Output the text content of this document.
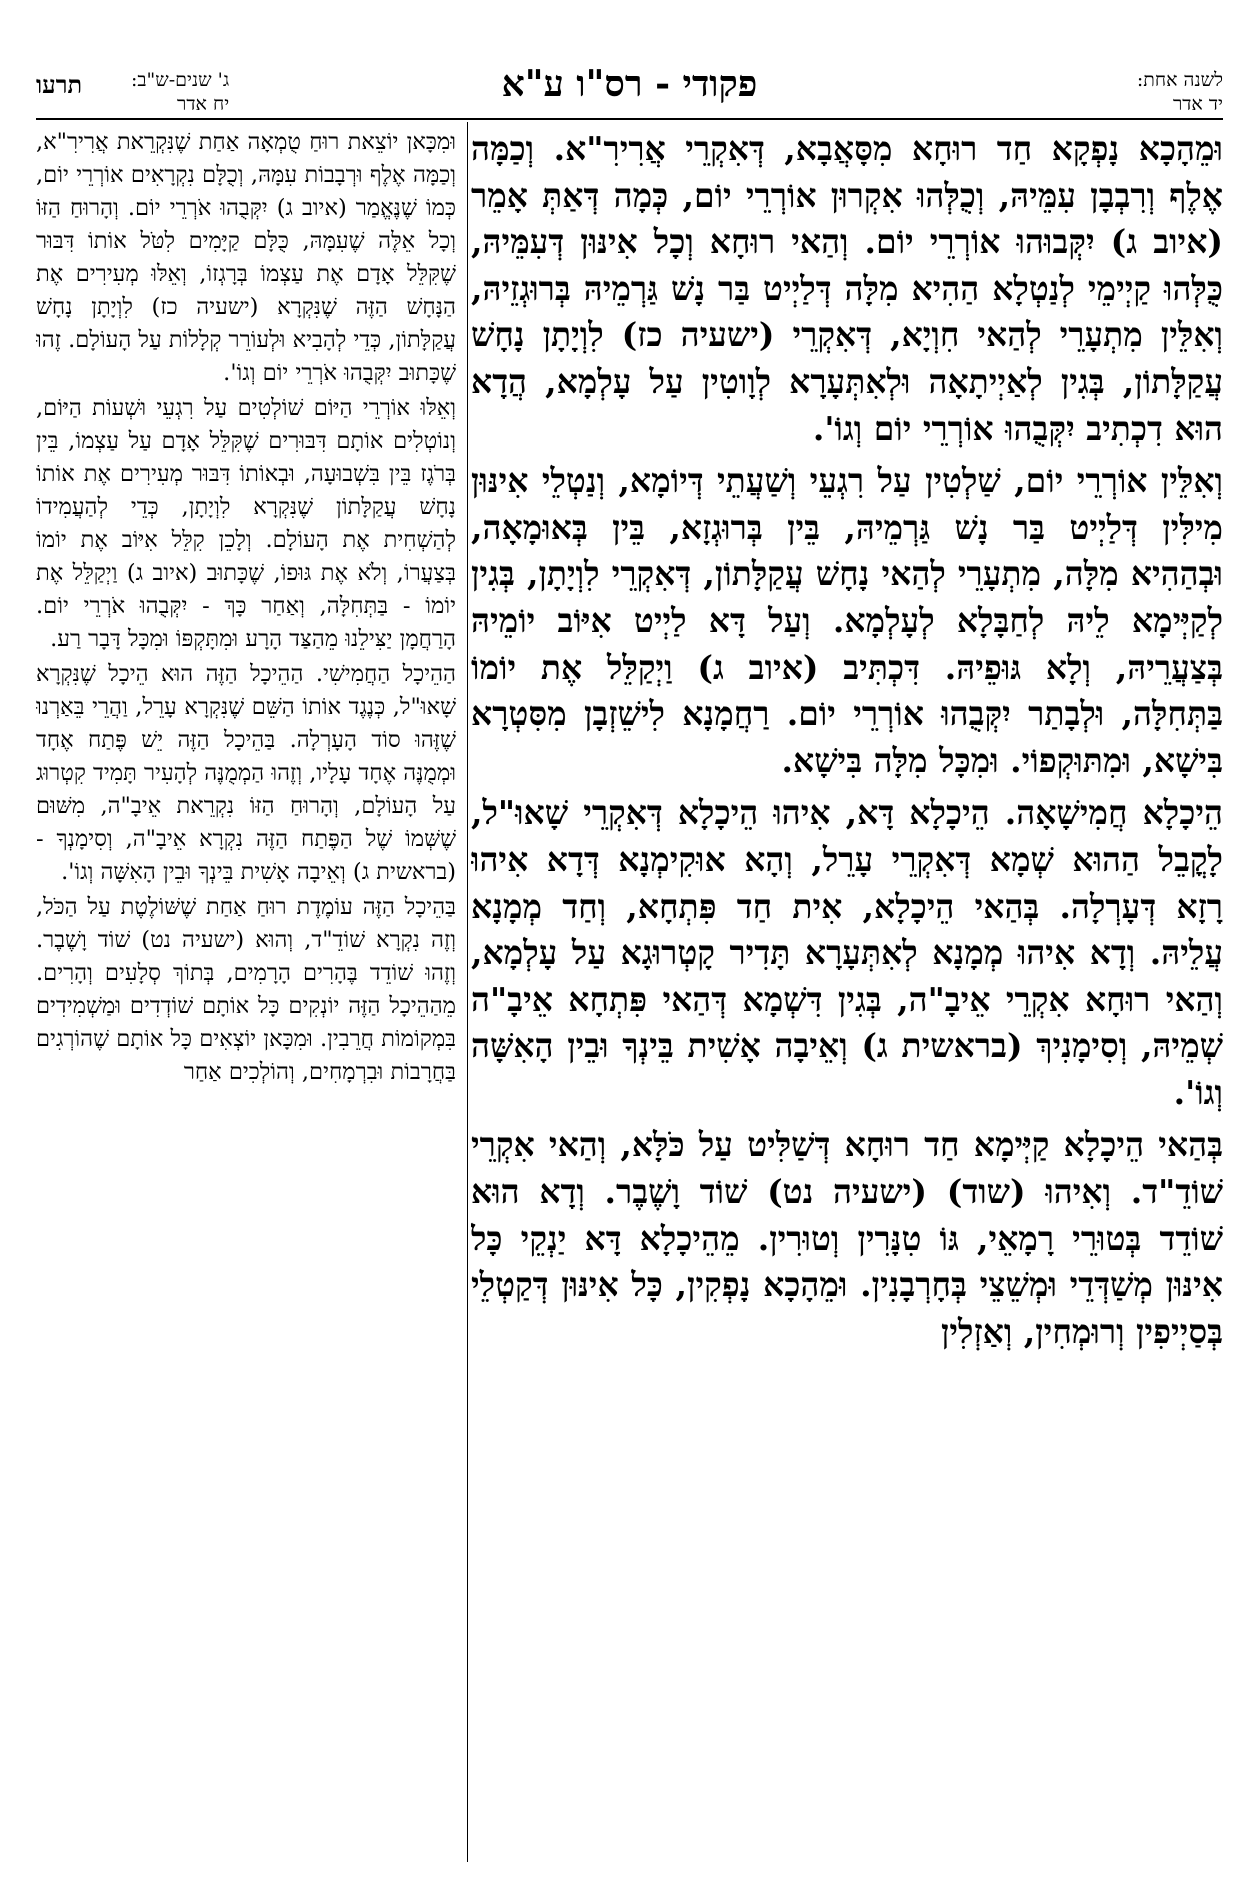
לשנה אחת:
יד אדר
פקודי - רס"ו ע"א
ג' שנים-ש"ב:
יח אדר
תרעו

וּמֵהָכָא נָפְקָא חַד רוּחָא מִסָּאֲבָא, דְּאִקְרֵי אֲרִירִ"א. וְכַמָּה אֶלֶף וְרִבְבָן עִמֵּיהּ, וְכֻלְּהוּ אִקְרוּן אוֹרְרֵי יוֹם, כְּמָה דְּאַתְּ אָמֵר (איוב ג) יִקְּבוּהוּ אוֹרְרֵי יוֹם. וְהַאי רוּחָא וְכָל אִינּוּן דְּעִמֵּיהּ, כֻּלְּהוּ קַיְימֵי לְנַטְלָא הַהִיא מִלָּה דְּלַיְיט בַּר נָשׁ גַּרְמֵיהּ בְּרוּגְזֵיהּ, וְאִלֵּין מִתְעָרֵי לְהַאי חִוְיָא, דְּאִקְרֵי (ישעיה כז) לִוְיָתָן נָחָשׁ עֲקַלָּתוֹן, בְּגִין לְאַיְיתָאָה וּלְאִתְּעָרָא לְוָוטִין עַל עָלְמָא, הֲדָא הוּא דִכְתִיב יִקְּבֻהוּ אוֹרְרֵי יוֹם וְגוֹ'.

וְאִלֵּין אוֹרְרֵי יוֹם, שַׁלְטִין עַל רִגְעֵי וְשַׁעֲתֵי דְּיוֹמָא, וְנַטְלֵי אִינּוּן מִילִּין דְּלַיְיט בַּר נָשׁ גַּרְמֵיהּ, בֵּין בְּרוּגְזָא, בֵּין בְּאוּמָאָה, וּבְהַהִיא מִלָּה, מִתְעָרֵי לְהַאי נָחָשׁ עֲקַלָּתוֹן, דְּאִקְרֵי לִוְיָתָן, בְּגִין לְקַיְּימָא לֵיהּ לְחַבָּלָא לְעָלְמָא. וְעַל דָּא לַיְיט אִיּוֹב יוֹמֵיהּ בְּצַעֲרֵיהּ, וְלָא גּוּפֵיהּ. דִּכְתִּיב (איוב ג) וַיְקַלֵּל אֶת יוֹמוֹ בַּתְּחִלָּה, וּלְבָתַר יִקְּבֻהוּ אוֹרְרֵי יוֹם. רַחֲמָנָא לִישֵׁזְבָן מִסִּטְרָא בִּישָׁא, וּמִתּוּקְפוֹי. וּמִכָּל מִלָּה בִּישָׁא.

הֵיכָלָא חֲמִישָׁאָה. הֵיכָלָא דָּא, אִיהוּ הֵיכָלָא דְּאִקְרֵי שָׁאוּ"ל, לָקֳבֵל הַהוּא שְׁמָא דְּאִקְרֵי עָרֵל, וְהָא אוּקִימְנָא דְּדָא אִיהוּ רָזָא דְּעָרְלָה. בְּהַאי הֵיכָלָא, אִית חַד פִּתְחָא, וְחַד מְמָנָא עֲלֵיהּ. וְדָא אִיהוּ מְמָנָא לְאִתְּעָרָא תָּדִיר קָטְרוּגָא עַל עָלְמָא, וְהַאי רוּחָא אִקְרֵי אֵיבָ"ה, בְּגִין דִּשְׁמָא דְּהַאי פִּתְחָא אֵיבָ"ה שְׁמֵיהּ, וְסִימָנִיךְ (בראשית ג) וְאֵיבָה אָשִׁית בֵּינְךָ וּבֵין הָאִשָּׁה וְגוֹ'.

בְּהַאי הֵיכָלָא קַיְּימָא חַד רוּחָא דְּשַׁלִּיט עַל כֹּלָּא, וְהַאי אִקְרֵי שׁוֹדֵ"ד. וְאִיהוּ (שוד) (ישעיה נט) שׁוֹד וָשֶׁבֶר. וְדָא הוּא שׁוֹדֵד בְּטוּרֵי רָמָאֵי, גּוֹ טִנָּרִין וְטוּרִין. מֵהֵיכָלָא דָּא יַנְקֵי כָּל אִינּוּן מְשַׁדְּדֵי וּמְשֵׁצֵי בְּחָרְבָנִין. וּמֵהָכָא נָפְקִין, כָּל אִינּוּן דְּקַטְלֵי בְּסַיְיפִין וְרוּמְחִין, וְאַזְלִין

וּמִכָּאן יוֹצֵאת רוּחַ טֻמְאָה אַחַת שֶׁנִּקְרֵאת אֲרִירִ"א, וְכַמָּה אֶלֶף וּרְבָבוֹת עִמָּהּ, וְכֻלָּם נִקְרָאִים אוֹרְרֵי יוֹם, כְּמוֹ שֶׁנֶּאֱמַר (איוב ג) יִקְּבֻהוּ אֹרְרֵי יוֹם. וְהָרוּחַ הַזּוֹ וְכָל אֵלֶּה שֶׁעִמָּהּ, כֻּלָּם קַיָּמִים לִטֹּל אוֹתוֹ דִּבּוּר שֶׁקִּלֵּל אָדָם אֶת עַצְמוֹ בְּרָגְזוֹ, וְאֵלּוּ מְעִירִים אֶת הַנָּחָשׁ הַזֶּה שֶׁנִּקְרָא (ישעיה כז) לִוְיָתָן נָחָשׁ עֲקַלָּתוֹן, כְּדֵי לְהָבִיא וּלְעוֹרֵר קְלָלוֹת עַל הָעוֹלָם. זֶהוּ שֶׁכָּתוּב יִקְּבֻהוּ אֹרְרֵי יוֹם וְגוֹ'.

וְאֵלּוּ אוֹרְרֵי הַיּוֹם שׁוֹלְטִים עַל רִגְעֵי וּשְׁעוֹת הַיּוֹם, וְנוֹטְלִים אוֹתָם דִּבּוּרִים שֶׁקִּלֵּל אָדָם עַל עַצְמוֹ, בֵּין בְּרֹגֶז בֵּין בִּשְׁבוּעָה, וּבְאוֹתוֹ דִּבּוּר מְעִירִים אֶת אוֹתוֹ נָחָשׁ עֲקַלָּתוֹן שֶׁנִּקְרָא לִוְיָתָן, כְּדֵי לְהַעֲמִידוֹ לְהַשְׁחִית אֶת הָעוֹלָם. וְלָכֵן קִלֵּל אִיּוֹב אֶת יוֹמוֹ בְּצַעֲרוֹ, וְלֹא אֶת גּוּפוֹ, שֶׁכָּתוּב (איוב ג) וַיְקַלֵּל אֶת יוֹמוֹ - בַּתְּחִלָּה, וְאַחַר כָּךְ - יִקְּבֻהוּ אֹרְרֵי יוֹם. הָרַחֲמָן יַצִּילֵנוּ מֵהַצַּד הָרָע וּמִתָּקְפּוֹ וּמִכָּל דָּבָר רַע.

הַהֵיכָל הַחֲמִישִׁי. הַהֵיכָל הַזֶּה הוּא הֵיכָל שֶׁנִּקְרָא שָׁאוּ"ל, כְּנֶגֶד אוֹתוֹ הַשֵּׁם שֶׁנִּקְרָא עָרֵל, וַהֲרֵי בֵּאַרְנוּ שֶׁזֶּהוּ סוֹד הָעָרְלָה. בַּהֵיכָל הַזֶּה יֵשׁ פֶּתַח אֶחָד וּמְמֻנֶּה אֶחָד עָלָיו, וְזֶהוּ הַמְמֻנֶּה לְהָעִיר תָּמִיד קִטְרוּג עַל הָעוֹלָם, וְהָרוּחַ הַזּוֹ נִקְרֵאת אֵיבָ"ה, מִשּׁוּם שֶׁשְּׁמוֹ שֶׁל הַפֶּתַח הַזֶּה נִקְרָא אֵיבָ"ה, וְסִימָנְךָ - (בראשית ג) וְאֵיבָה אָשִׁית בֵּינְךָ וּבֵין הָאִשָּׁה וְגוֹ'.

בַּהֵיכָל הַזֶּה עוֹמֶדֶת רוּחַ אַחַת שֶׁשּׁוֹלֶטֶת עַל הַכֹּל, וְזֶה נִקְרָא שׁוֹדֵ"ד, וְהוּא (ישעיה נט) שׁוֹד וָשֶׁבֶר. וְזֶהוּ שׁוֹדֵד בֶּהָרִים הָרָמִים, בְּתוֹךְ סְלָעִים וְהָרִים. מֵהַהֵיכָל הַזֶּה יוֹנְקִים כָּל אוֹתָם שׁוֹדְדִים וּמַשְׁמִידִים בִּמְקוֹמוֹת חֲרֵבִין. וּמִכָּאן יוֹצְאִים כָּל אוֹתָם שֶׁהוֹרְגִים בַּחֲרָבוֹת וּבִרְמָחִים, וְהוֹלְכִים אַחַר
